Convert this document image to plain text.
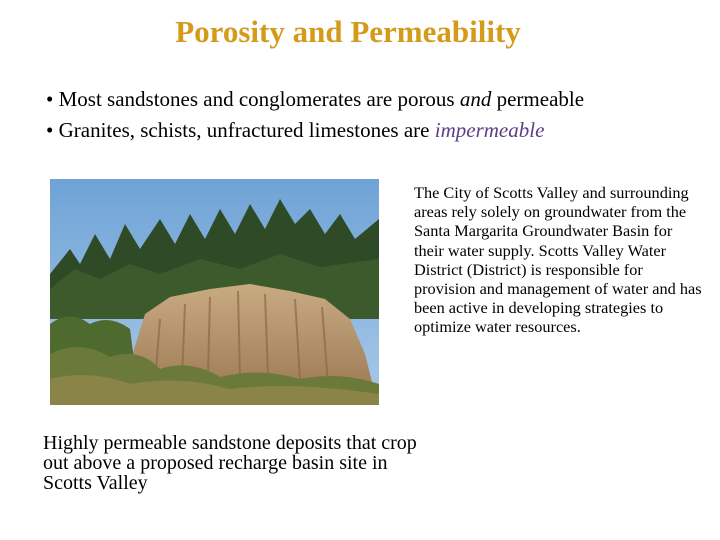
Porosity and Permeability
• Most sandstones and conglomerates are porous and permeable
• Granites, schists, unfractured limestones are impermeable
The City of Scotts Valley and surrounding areas rely solely on groundwater from the Santa Margarita Groundwater Basin for their water supply. Scotts Valley Water District (District) is responsible for provision and management of water and has been active in developing strategies to optimize water resources.
Highly permeable sandstone deposits that crop out above a proposed recharge basin site in Scotts Valley
